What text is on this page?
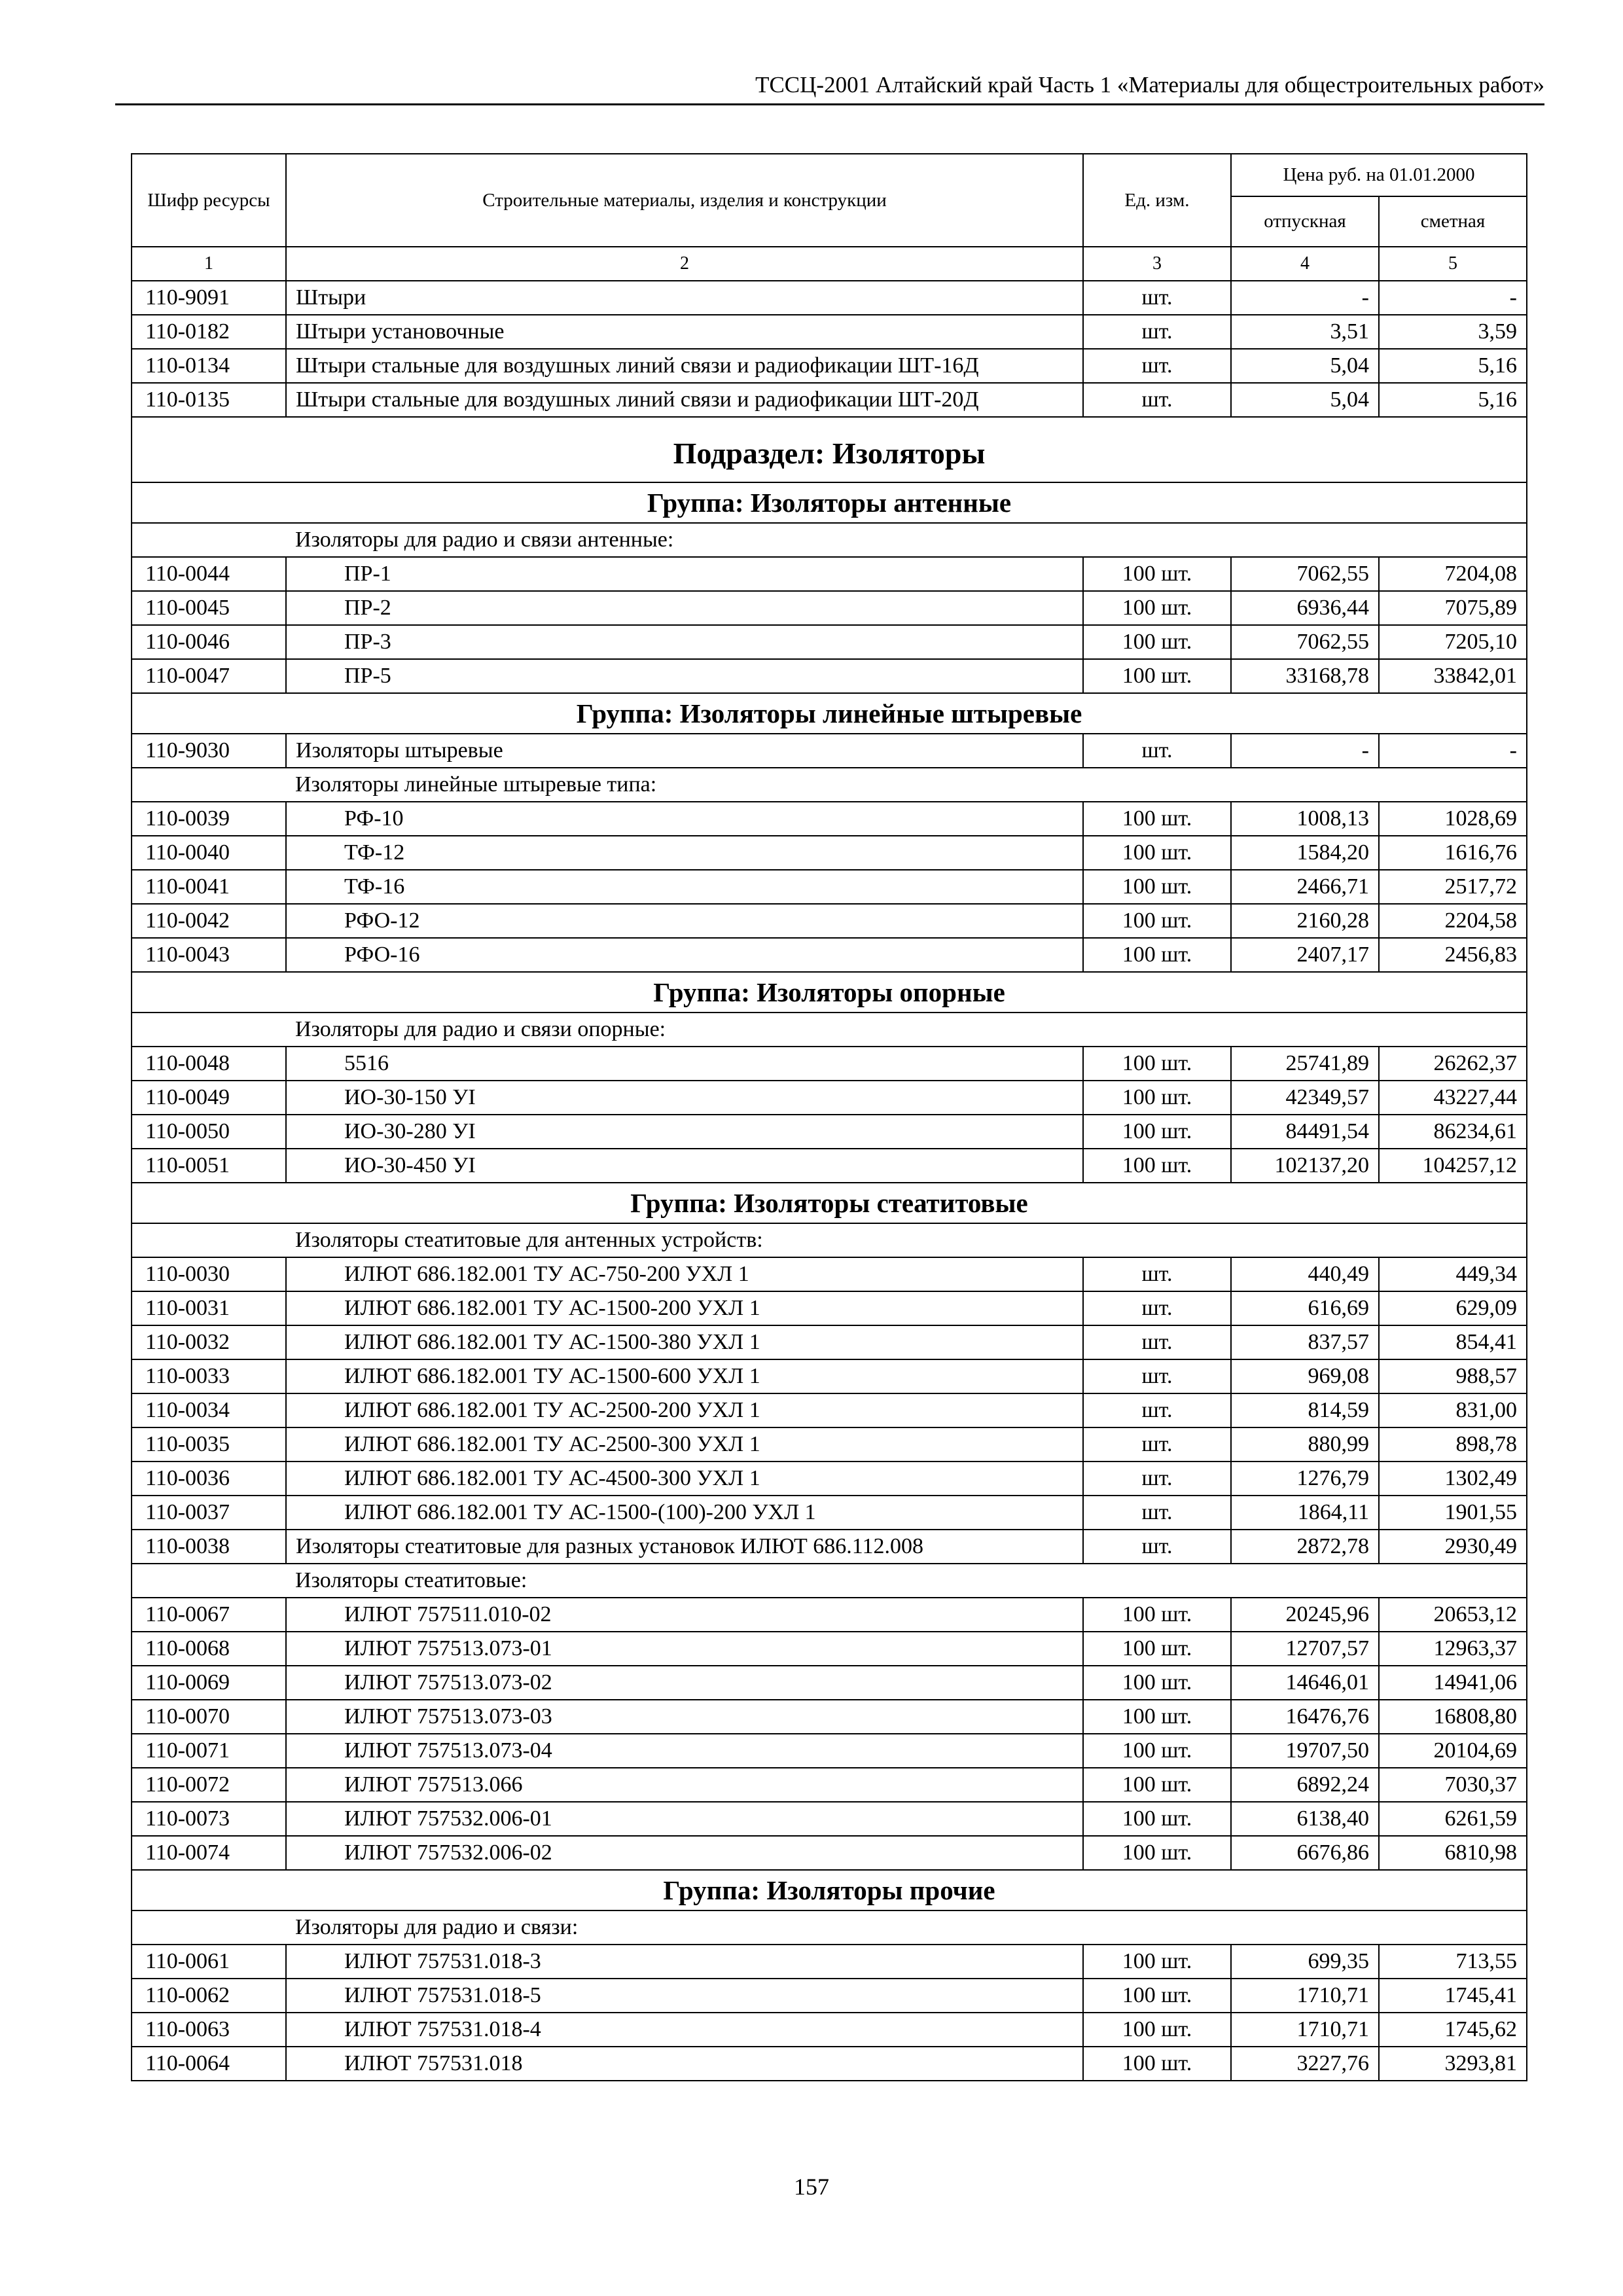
ТССЦ-2001 Алтайский край Часть 1 «Материалы для общестроительных работ»
Шифр ресурсы	Строительные материалы, изделия и конструкции	Ед. изм.	Цена руб. на 01.01.2000	
			отпускная	сметная
1	2	3	4	5
110-9091	Штыри	шт.	-	-
110-0182	Штыри установочные	шт.	3,51	3,59
110-0134	Штыри стальные для воздушных линий связи и радиофикации ШТ-16Д	шт.	5,04	5,16
110-0135	Штыри стальные для воздушных линий связи и радиофикации ШТ-20Д	шт.	5,04	5,16
Подраздел: Изоляторы				
Группа: Изоляторы антенные				
	Изоляторы для радио и связи антенные:			
110-0044	ПР-1	100 шт.	7062,55	7204,08
110-0045	ПР-2	100 шт.	6936,44	7075,89
110-0046	ПР-3	100 шт.	7062,55	7205,10
110-0047	ПР-5	100 шт.	33168,78	33842,01
Группа: Изоляторы линейные штыревые				
110-9030	Изоляторы штыревые	шт.	-	-
	Изоляторы линейные штыревые типа:			
110-0039	РФ-10	100 шт.	1008,13	1028,69
110-0040	ТФ-12	100 шт.	1584,20	1616,76
110-0041	ТФ-16	100 шт.	2466,71	2517,72
110-0042	РФО-12	100 шт.	2160,28	2204,58
110-0043	РФО-16	100 шт.	2407,17	2456,83
Группа: Изоляторы опорные				
	Изоляторы для радио и связи опорные:			
110-0048	5516	100 шт.	25741,89	26262,37
110-0049	ИО-30-150 УI	100 шт.	42349,57	43227,44
110-0050	ИО-30-280 УI	100 шт.	84491,54	86234,61
110-0051	ИО-30-450 УI	100 шт.	102137,20	104257,12
Группа: Изоляторы стеатитовые				
	Изоляторы стеатитовые для антенных устройств:			
110-0030	ИЛЮТ 686.182.001 ТУ АС-750-200 УХЛ 1	шт.	440,49	449,34
110-0031	ИЛЮТ 686.182.001 ТУ АС-1500-200 УХЛ 1	шт.	616,69	629,09
110-0032	ИЛЮТ 686.182.001 ТУ АС-1500-380 УХЛ 1	шт.	837,57	854,41
110-0033	ИЛЮТ 686.182.001 ТУ АС-1500-600 УХЛ 1	шт.	969,08	988,57
110-0034	ИЛЮТ 686.182.001 ТУ АС-2500-200 УХЛ 1	шт.	814,59	831,00
110-0035	ИЛЮТ 686.182.001 ТУ АС-2500-300 УХЛ 1	шт.	880,99	898,78
110-0036	ИЛЮТ 686.182.001 ТУ АС-4500-300 УХЛ 1	шт.	1276,79	1302,49
110-0037	ИЛЮТ 686.182.001 ТУ АС-1500-(100)-200 УХЛ 1	шт.	1864,11	1901,55
110-0038	Изоляторы стеатитовые для разных установок ИЛЮТ 686.112.008	шт.	2872,78	2930,49
	Изоляторы стеатитовые:			
110-0067	ИЛЮТ 757511.010-02	100 шт.	20245,96	20653,12
110-0068	ИЛЮТ 757513.073-01	100 шт.	12707,57	12963,37
110-0069	ИЛЮТ 757513.073-02	100 шт.	14646,01	14941,06
110-0070	ИЛЮТ 757513.073-03	100 шт.	16476,76	16808,80
110-0071	ИЛЮТ 757513.073-04	100 шт.	19707,50	20104,69
110-0072	ИЛЮТ 757513.066	100 шт.	6892,24	7030,37
110-0073	ИЛЮТ 757532.006-01	100 шт.	6138,40	6261,59
110-0074	ИЛЮТ 757532.006-02	100 шт.	6676,86	6810,98
Группа: Изоляторы прочие				
	Изоляторы для радио и связи:			
110-0061	ИЛЮТ 757531.018-3	100 шт.	699,35	713,55
110-0062	ИЛЮТ 757531.018-5	100 шт.	1710,71	1745,41
110-0063	ИЛЮТ 757531.018-4	100 шт.	1710,71	1745,62
110-0064	ИЛЮТ 757531.018	100 шт.	3227,76	3293,81
157
